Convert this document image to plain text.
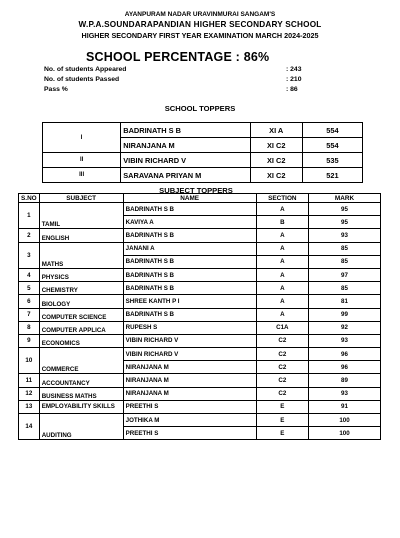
AYANPURAM NADAR URAVINMURAI SANGAM'S
W.P.A.SOUNDARAPANDIAN HIGHER SECONDARY SCHOOL
HIGHER SECONDARY FIRST YEAR EXAMINATION MARCH 2024-2025
SCHOOL PERCENTAGE : 86%
No. of students Appeared	: 243
No. of students Passed	: 210
Pass %	: 86
SCHOOL TOPPERS
I	BADRINATH S B	XI A	554
	NIRANJANA M	XI C2	554
II	VIBIN RICHARD V	XI C2	535
III	SARAVANA PRIYAN M	XI C2	521
SUBJECT TOPPERS
S.NO	SUBJECT	NAME	SECTION	MARK
1	TAMIL	BADRINATH S B	A	95
		KAVIYA A	B	95
2	ENGLISH	BADRINATH S B	A	93
3	MATHS	JANANI A	A	85
		BADRINATH S B	A	85
4	PHYSICS	BADRINATH S B	A	97
5	CHEMISTRY	BADRINATH S B	A	85
6	BIOLOGY	SHREE KANTH P I	A	81
7	COMPUTER SCIENCE	BADRINATH S B	A	99
8	COMPUTER APPLICA	RUPESH S	C1A	92
9	ECONOMICS	VIBIN RICHARD V	C2	93
10	COMMERCE	VIBIN RICHARD V	C2	96
		NIRANJANA M	C2	96
11	ACCOUNTANCY	NIRANJANA M	C2	89
12	BUSINESS MATHS	NIRANJANA M	C2	93
13	EMPLOYABILITY SKILLS	PREETHI S	E	91
14	AUDITING	JOTHIKA M	E	100
		PREETHI S	E	100
